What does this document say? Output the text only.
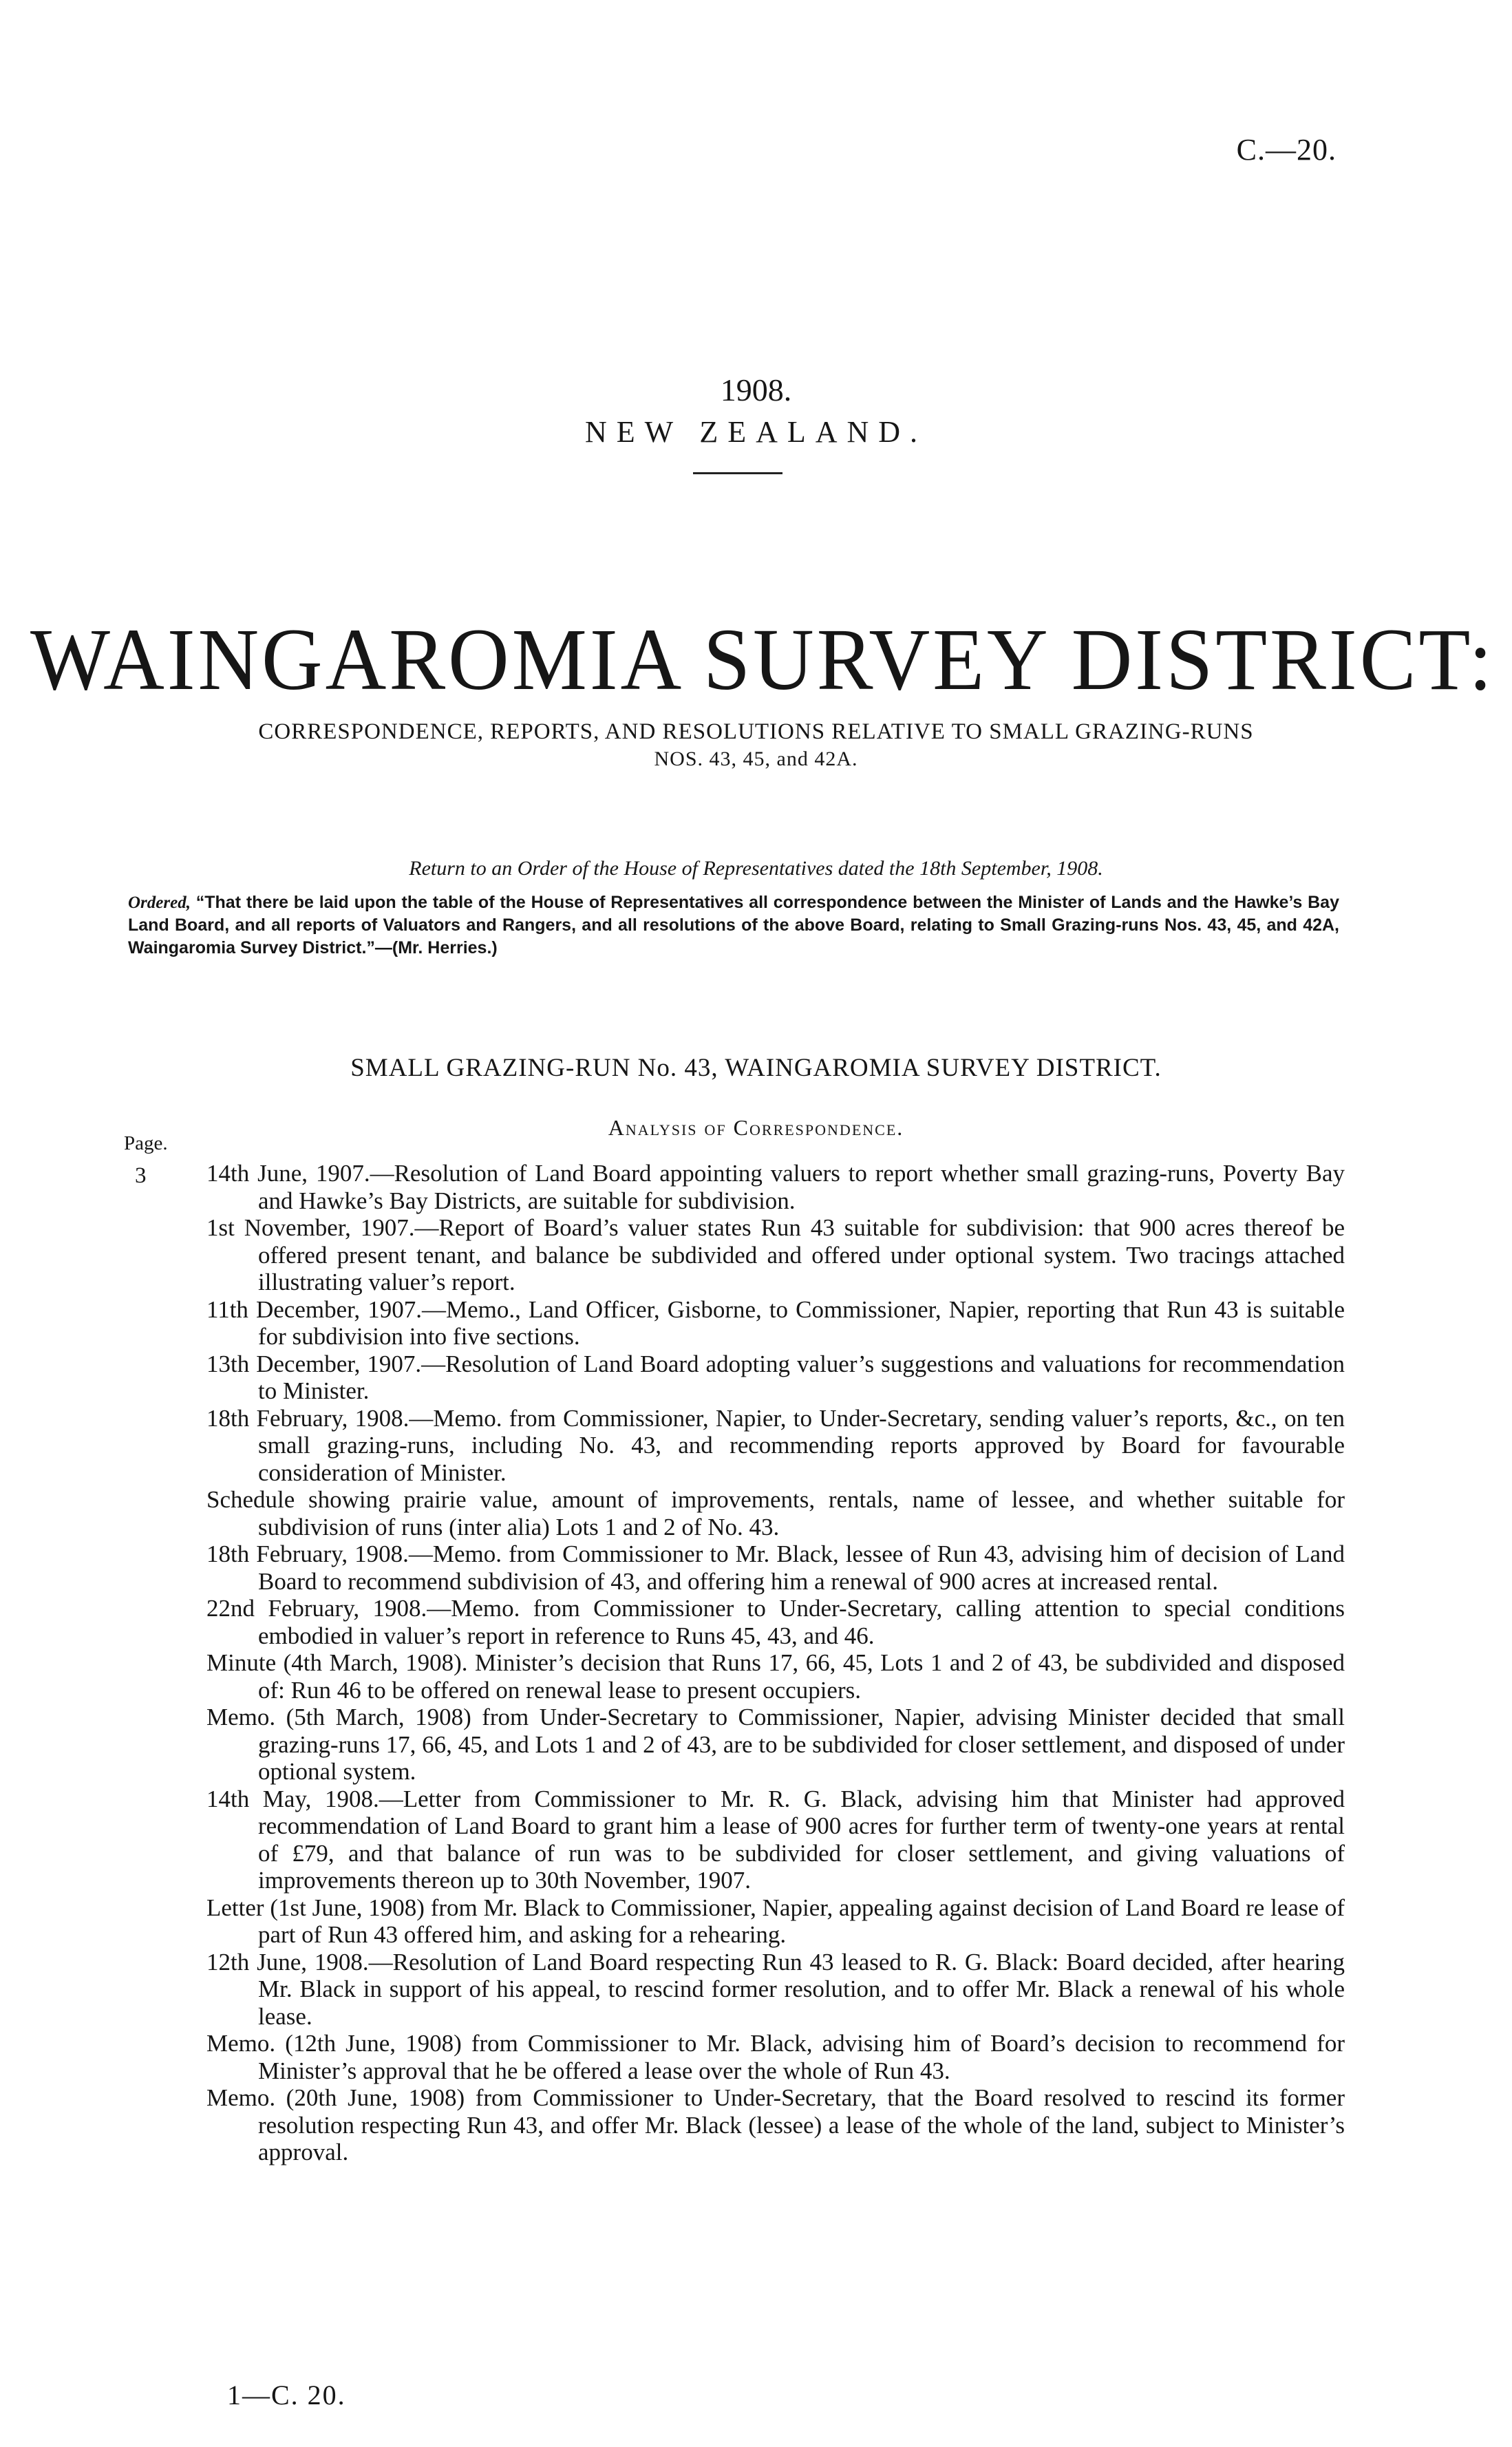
C.—20.
1908.
NEW ZEALAND.
WAINGAROMIA SURVEY DISTRICT:
CORRESPONDENCE, REPORTS, AND RESOLUTIONS RELATIVE TO SMALL GRAZING-RUNS
NOS. 43, 45, and 42A.
Return to an Order of the House of Representatives dated the 18th September, 1908.
Ordered, “That there be laid upon the table of the House of Representatives all correspondence between the Minister of Lands and the Hawke’s Bay Land Board, and all reports of Valuators and Rangers, and all resolutions of the above Board, relating to Small Grazing-runs Nos. 43, 45, and 42A, Waingaromia Survey District.”—(Mr. Herries.)
SMALL GRAZING-RUN No. 43, WAINGAROMIA SURVEY DISTRICT.
Analysis of Correspondence.
Page.
3	14th June, 1907.—Resolution of Land Board appointing valuers to report whether small grazing-runs, Poverty Bay and Hawke’s Bay Districts, are suitable for subdivision.

1st November, 1907.—Report of Board’s valuer states Run 43 suitable for subdivision: that 900 acres thereof be offered present tenant, and balance be subdivided and offered under optional system. Two tracings attached illustrating valuer’s report.

11th December, 1907.—Memo., Land Officer, Gisborne, to Commissioner, Napier, reporting that Run 43 is suitable for subdivision into five sections.

13th December, 1907.—Resolution of Land Board adopting valuer’s suggestions and valuations for recommendation to Minister.

18th February, 1908.—Memo. from Commissioner, Napier, to Under-Secretary, sending valuer’s reports, &c., on ten small grazing-runs, including No. 43, and recommending reports approved by Board for favourable consideration of Minister.

Schedule showing prairie value, amount of improvements, rentals, name of lessee, and whether suitable for subdivision of runs (inter alia) Lots 1 and 2 of No. 43.

18th February, 1908.—Memo. from Commissioner to Mr. Black, lessee of Run 43, advising him of decision of Land Board to recommend subdivision of 43, and offering him a renewal of 900 acres at increased rental.

22nd February, 1908.—Memo. from Commissioner to Under-Secretary, calling attention to special conditions embodied in valuer’s report in reference to Runs 45, 43, and 46.

Minute (4th March, 1908). Minister’s decision that Runs 17, 66, 45, Lots 1 and 2 of 43, be subdivided and disposed of: Run 46 to be offered on renewal lease to present occupiers.

Memo. (5th March, 1908) from Under-Secretary to Commissioner, Napier, advising Minister decided that small grazing-runs 17, 66, 45, and Lots 1 and 2 of 43, are to be subdivided for closer settlement, and disposed of under optional system.

14th May, 1908.—Letter from Commissioner to Mr. R. G. Black, advising him that Minister had approved recommendation of Land Board to grant him a lease of 900 acres for further term of twenty-one years at rental of £79, and that balance of run was to be subdivided for closer settlement, and giving valuations of improvements thereon up to 30th November, 1907.

Letter (1st June, 1908) from Mr. Black to Commissioner, Napier, appealing against decision of Land Board re lease of part of Run 43 offered him, and asking for a rehearing.

12th June, 1908.—Resolution of Land Board respecting Run 43 leased to R. G. Black: Board decided, after hearing Mr. Black in support of his appeal, to rescind former resolution, and to offer Mr. Black a renewal of his whole lease.

Memo. (12th June, 1908) from Commissioner to Mr. Black, advising him of Board’s decision to recommend for Minister’s approval that he be offered a lease over the whole of Run 43.

Memo. (20th June, 1908) from Commissioner to Under-Secretary, that the Board resolved to rescind its former resolution respecting Run 43, and offer Mr. Black (lessee) a lease of the whole of the land, subject to Minister’s approval.

1—C. 20.
